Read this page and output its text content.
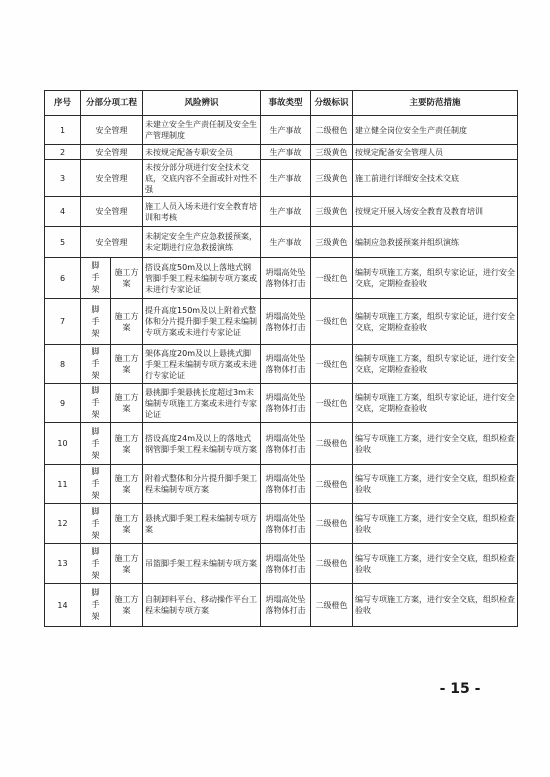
序号	分部分项工程		风险辨识	事故类型	分级标识	主要防范措施
1	安全管理		未建立安全生产责任制及安全生产管理制度	生产事故	二级橙色	建立健全岗位安全生产责任制度
2	安全管理		未按规定配备专职安全员	生产事故	三级黄色	按规定配备安全管理人员
3	安全管理		未按分部分项进行安全技术交底，交底内容不全面或针对性不强	生产事故	三级黄色	施工前进行详细安全技术交底
4	安全管理		施工人员入场未进行安全教育培训和考核	生产事故	三级黄色	按规定开展入场安全教育及教育培训
5	安全管理		未制定安全生产应急救援预案，未定期进行应急救援演练	生产事故	三级黄色	编制应急救援预案并组织演练
6	脚
手
架	施工方案	搭设高度50m及以上落地式钢管脚手架工程未编制专项方案或未进行专家论证	坍塌高处坠落物体打击	一级红色	编制专项施工方案，组织专家论证，进行安全交底，定期检查验收
7	脚
手
架	施工方案	提升高度150m及以上附着式整体和分片提升脚手架工程未编制专项方案或未进行专家论证	坍塌高处坠落物体打击	一级红色	编制专项施工方案，组织专家论证，进行安全交底，定期检查验收
8	脚
手
架	施工方案	架体高度20m及以上悬挑式脚手架工程未编制专项方案或未进行专家论证	坍塌高处坠落物体打击	一级红色	编制专项施工方案，组织专家论证，进行安全交底，定期检查验收
9	脚
手
架	施工方案	悬挑脚手架悬挑长度超过3m未编制专项施工方案或未进行专家论证	坍塌高处坠落物体打击	一级红色	编制专项施工方案，组织专家论证，进行安全交底，定期检查验收
10	脚
手
架	施工方案	搭设高度24m及以上的落地式钢管脚手架工程未编制专项方案	坍塌高处坠落物体打击	二级橙色	编写专项施工方案，进行安全交底，组织检查验收
11	脚
手
架	施工方案	附着式整体和分片提升脚手架工程未编制专项方案	坍塌高处坠落物体打击	二级橙色	编写专项施工方案，进行安全交底，组织检查验收
12	脚
手
架	施工方案	悬挑式脚手架工程未编制专项方案	坍塌高处坠落物体打击	二级橙色	编写专项施工方案，进行安全交底，组织检查验收
13	脚
手
架	施工方案	吊篮脚手架工程未编制专项方案	坍塌高处坠落物体打击	二级橙色	编写专项施工方案，进行安全交底，组织检查验收
14	脚
手
架	施工方案	自制卸料平台、移动操作平台工程未编制专项方案	坍塌高处坠落物体打击	二级橙色	编写专项施工方案，进行安全交底，组织检查验收
- 15 -
